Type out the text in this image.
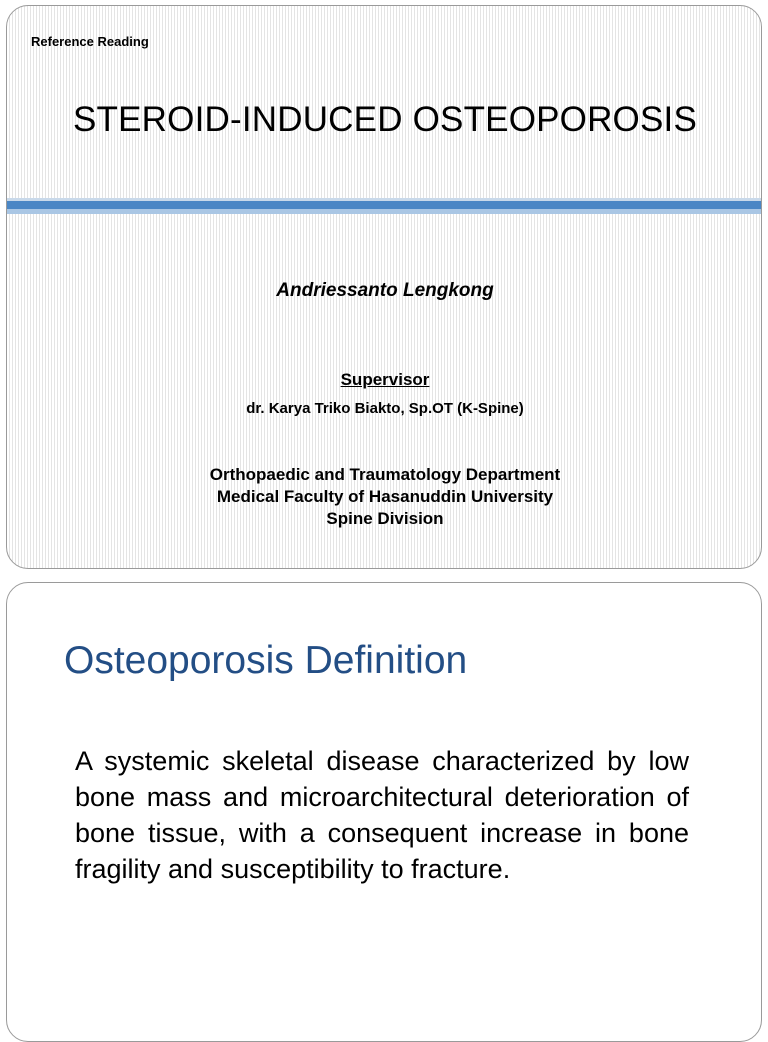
Reference Reading
STEROID-INDUCED OSTEOPOROSIS
Andriessanto Lengkong
Supervisor
dr. Karya Triko Biakto, Sp.OT (K-Spine)
Orthopaedic and Traumatology Department
Medical Faculty of Hasanuddin University
Spine Division
Osteoporosis Definition
A systemic skeletal disease characterized by low bone mass and microarchitectural deterioration of bone tissue, with a consequent increase in bone fragility and susceptibility to fracture.
